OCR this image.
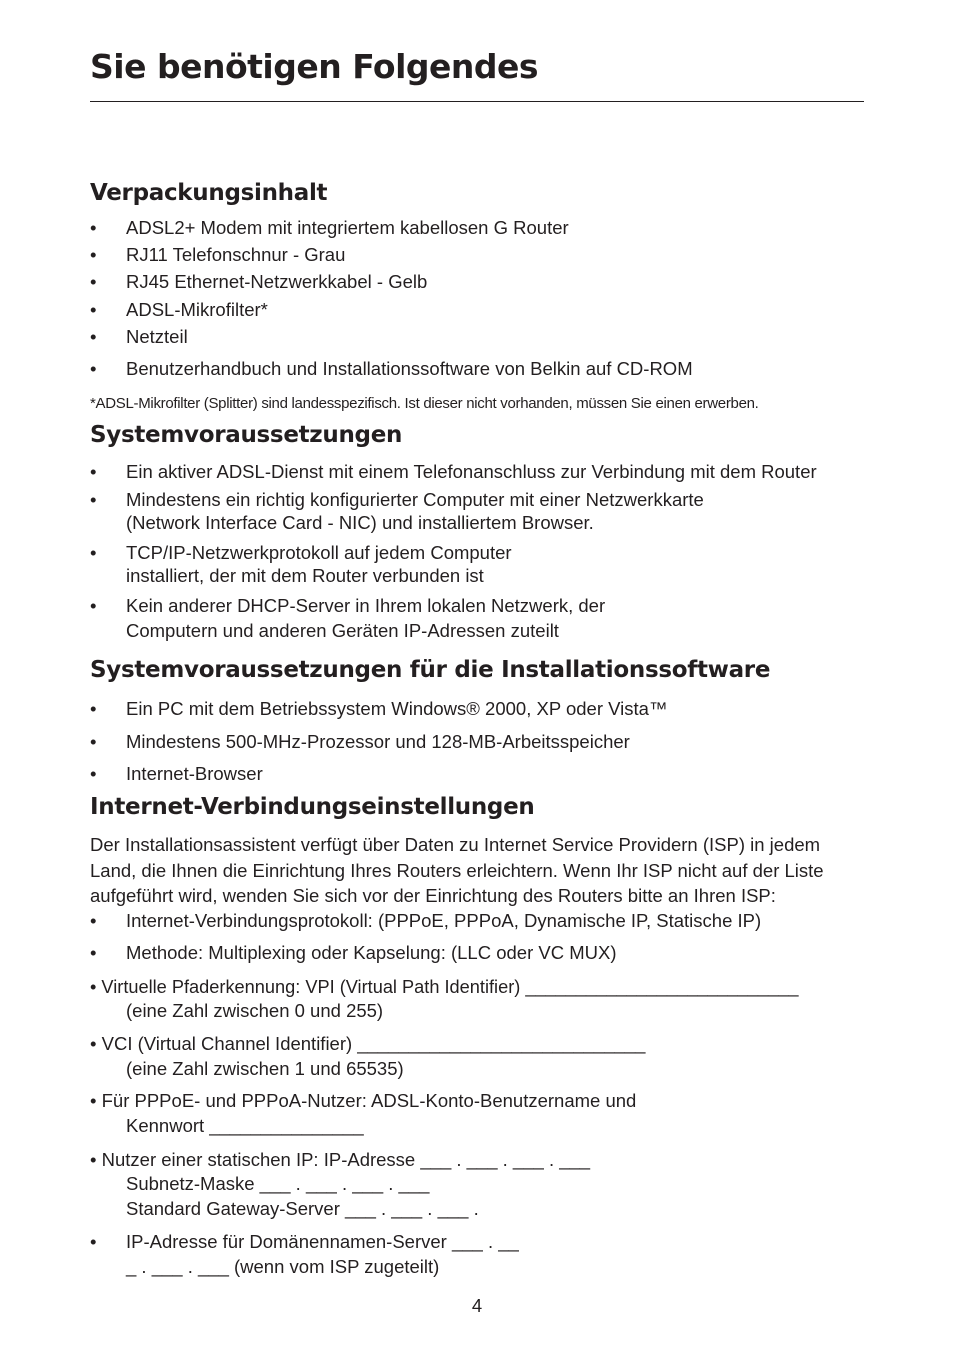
Sie benötigen Folgendes
Verpackungsinhalt
• ADSL2+ Modem mit integriertem kabellosen G Router
• RJ11 Telefonschnur - Grau
• RJ45 Ethernet-Netzwerkkabel - Gelb
• ADSL-Mikrofilter*
• Netzteil
• Benutzerhandbuch und Installationssoftware von Belkin auf CD-ROM
*ADSL-Mikrofilter (Splitter) sind landesspezifisch. Ist dieser nicht vorhanden, müssen Sie einen erwerben.
Systemvoraussetzungen
• Ein aktiver ADSL-Dienst mit einem Telefonanschluss zur Verbindung mit dem Router
• Mindestens ein richtig konfigurierter Computer mit einer Netzwerkkarte
(Network Interface Card - NIC) und installiertem Browser.
• TCP/IP-Netzwerkprotokoll auf jedem Computer
installiert, der mit dem Router verbunden ist
• Kein anderer DHCP-Server in Ihrem lokalen Netzwerk, der
Computern und anderen Geräten IP-Adressen zuteilt
Systemvoraussetzungen für die Installationssoftware
• Ein PC mit dem Betriebssystem Windows® 2000, XP oder Vista™
• Mindestens 500-MHz-Prozessor und 128-MB-Arbeitsspeicher
• Internet-Browser
Internet-Verbindungseinstellungen
Der Installationsassistent verfügt über Daten zu Internet Service Providern (ISP) in jedem
Land, die Ihnen die Einrichtung Ihres Routers erleichtern. Wenn Ihr ISP nicht auf der Liste
aufgeführt wird, wenden Sie sich vor der Einrichtung des Routers bitte an Ihren ISP:
• Internet-Verbindungsprotokoll: (PPPoE, PPPoA, Dynamische IP, Statische IP)
• Methode: Multiplexing oder Kapselung: (LLC oder VC MUX)
• Virtuelle Pfaderkennung: VPI (Virtual Path Identifier) ___________________________
(eine Zahl zwischen 0 und 255)
• VCI (Virtual Channel Identifier) ____________________________
(eine Zahl zwischen 1 und 65535)
• Für PPPoE- und PPPoA-Nutzer: ADSL-Konto-Benutzername und
Kennwort _______________
• Nutzer einer statischen IP: IP-Adresse ___ . ___ . ___ . ___
Subnetz-Maske ___ . ___ . ___ . ___
Standard Gateway-Server ___ . ___ . ___ .
• IP-Adresse für Domänennamen-Server ___ . __
_ . ___ . ___ (wenn vom ISP zugeteilt)
4
